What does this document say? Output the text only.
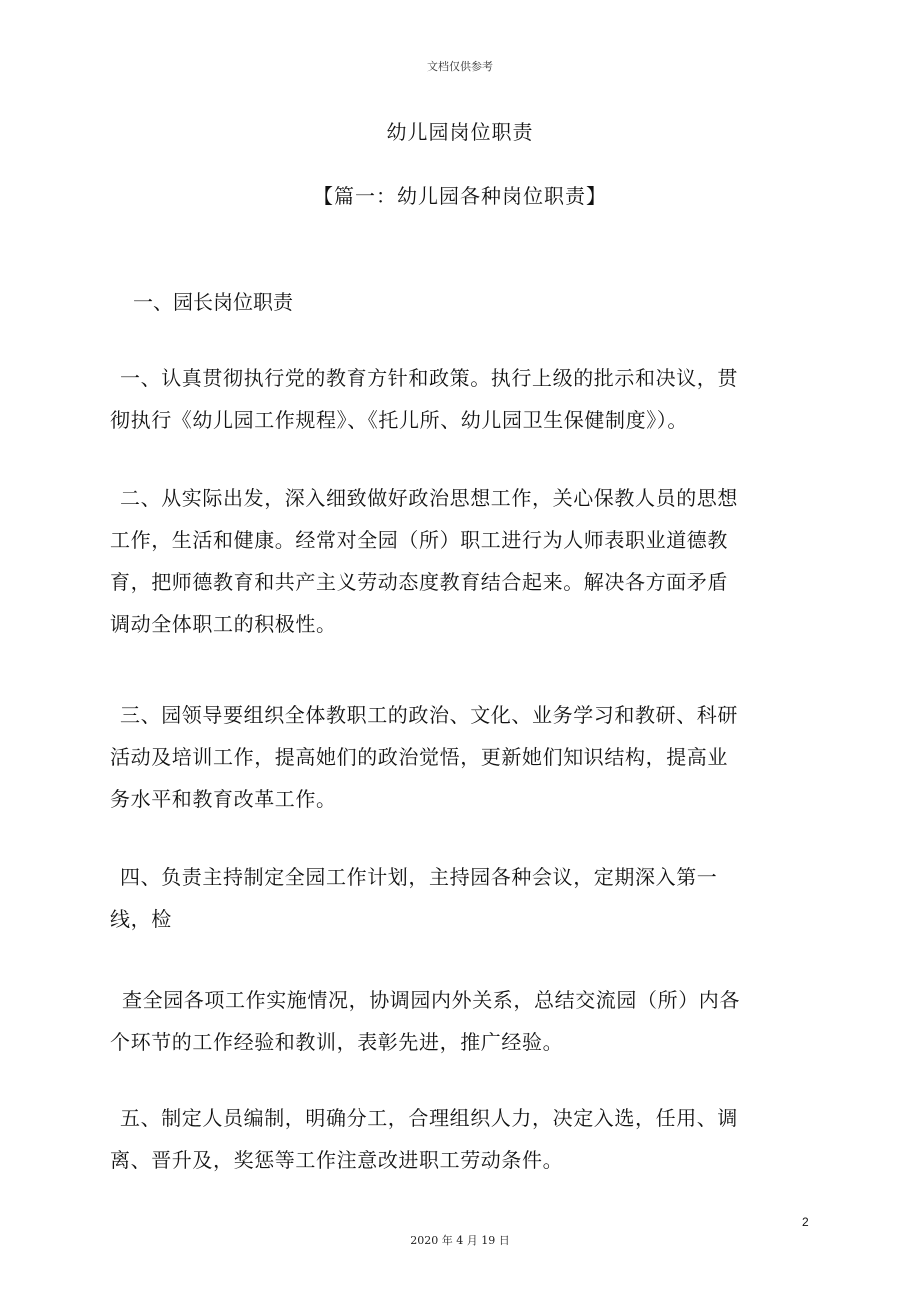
文档仅供参考
幼儿园岗位职责
【篇一：幼儿园各种岗位职责】
一、园长岗位职责
一、认真贯彻执行党的教育方针和政策。执行上级的批示和决议，贯
彻执行《幼儿园工作规程》、《托儿所、幼儿园卫生保健制度》）。
二、从实际出发，深入细致做好政治思想工作，关心保教人员的思想
工作，生活和健康。经常对全园（所）职工进行为人师表职业道德教
育，把师德教育和共产主义劳动态度教育结合起来。解决各方面矛盾
调动全体职工的积极性。
三、园领导要组织全体教职工的政治、文化、业务学习和教研、科研
活动及培训工作，提高她们的政治觉悟，更新她们知识结构，提高业
务水平和教育改革工作。
四、负责主持制定全园工作计划，主持园各种会议，定期深入第一
线，检
查全园各项工作实施情况，协调园内外关系，总结交流园（所）内各
个环节的工作经验和教训，表彰先进，推广经验。
五、制定人员编制，明确分工，合理组织人力，决定入选，任用、调
离、晋升及，奖惩等工作注意改进职工劳动条件。
2
2020 年 4 月 19 日
